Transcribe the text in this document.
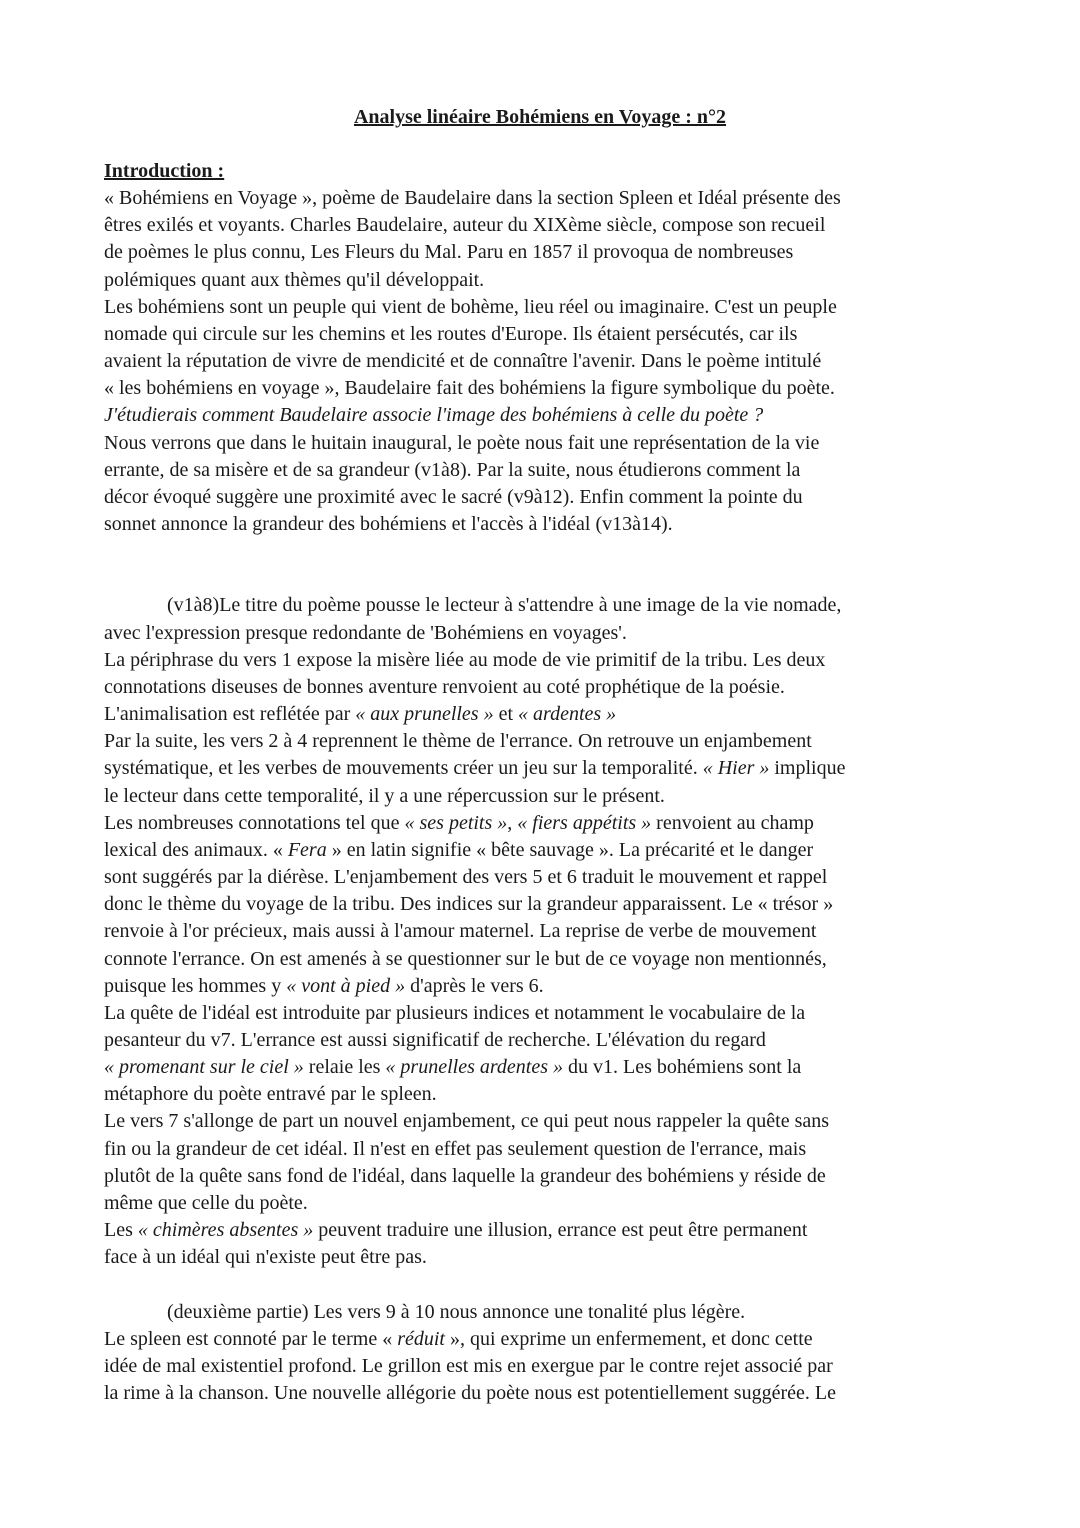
Analyse linéaire Bohémiens en Voyage : n°2
Introduction :
« Bohémiens en Voyage », poème de Baudelaire dans la section Spleen et Idéal présente des
êtres exilés et voyants. Charles Baudelaire, auteur du XIXème siècle, compose son recueil
de poèmes le plus connu, Les Fleurs du Mal. Paru en 1857 il provoqua de nombreuses
polémiques quant aux thèmes qu'il développait.
Les bohémiens sont un peuple qui vient de bohème, lieu réel ou imaginaire. C'est un peuple
nomade qui circule sur les chemins et les routes d'Europe. Ils étaient persécutés, car ils
avaient la réputation de vivre de mendicité et de connaître l'avenir. Dans le poème intitulé
« les bohémiens en voyage », Baudelaire fait des bohémiens la figure symbolique du poète.
J'étudierais comment Baudelaire associe l'image des bohémiens à celle du poète ?
Nous verrons que dans le huitain inaugural, le poète nous fait une représentation de la vie
errante, de sa misère et de sa grandeur (v1à8). Par la suite, nous étudierons comment la
décor évoqué suggère une proximité avec le sacré (v9à12). Enfin comment la pointe du
sonnet annonce la grandeur des bohémiens et l'accès à l'idéal (v13à14).
(v1à8)Le titre du poème pousse le lecteur à s'attendre à une image de la vie nomade,
avec l'expression presque redondante de 'Bohémiens en voyages'.
La périphrase du vers 1 expose la misère liée au mode de vie primitif de la tribu. Les deux
connotations diseuses de bonnes aventure renvoient au coté prophétique de la poésie.
L'animalisation est reflétée par « aux prunelles » et « ardentes »
Par la suite, les vers 2 à 4 reprennent le thème de l'errance. On retrouve un enjambement
systématique, et les verbes de mouvements créer un jeu sur la temporalité. « Hier » implique
le lecteur dans cette temporalité, il y a une répercussion sur le présent.
Les nombreuses connotations tel que « ses petits », « fiers appétits » renvoient au champ
lexical des animaux. « Fera » en latin signifie « bête sauvage ». La précarité et le danger
sont suggérés par la diérèse. L'enjambement des vers 5 et 6 traduit le mouvement et rappel
donc le thème du voyage de la tribu. Des indices sur la grandeur apparaissent. Le « trésor »
renvoie à l'or précieux, mais aussi à l'amour maternel. La reprise de verbe de mouvement
connote l'errance. On est amenés à se questionner sur le but de ce voyage non mentionnés,
puisque les hommes y « vont à pied » d'après le vers 6.
La quête de l'idéal est introduite par plusieurs indices et notamment le vocabulaire de la
pesanteur du v7. L'errance est aussi significatif de recherche. L'élévation du regard
« promenant sur le ciel » relaie les « prunelles ardentes » du v1. Les bohémiens sont la
métaphore du poète entravé par le spleen.
Le vers 7 s'allonge de part un nouvel enjambement, ce qui peut nous rappeler la quête sans
fin ou la grandeur de cet idéal. Il n'est en effet pas seulement question de l'errance, mais
plutôt de la quête sans fond de l'idéal, dans laquelle la grandeur des bohémiens y réside de
même que celle du poète.
Les « chimères absentes » peuvent traduire une illusion, errance est peut être permanent
face à un idéal qui n'existe peut être pas.
(deuxième partie) Les vers 9 à 10 nous annonce une tonalité plus légère.
Le spleen est connoté par le terme « réduit », qui exprime un enfermement, et donc cette
idée de mal existentiel profond. Le grillon est mis en exergue par le contre rejet associé par
la rime à la chanson. Une nouvelle allégorie du poète nous est potentiellement suggérée. Le
